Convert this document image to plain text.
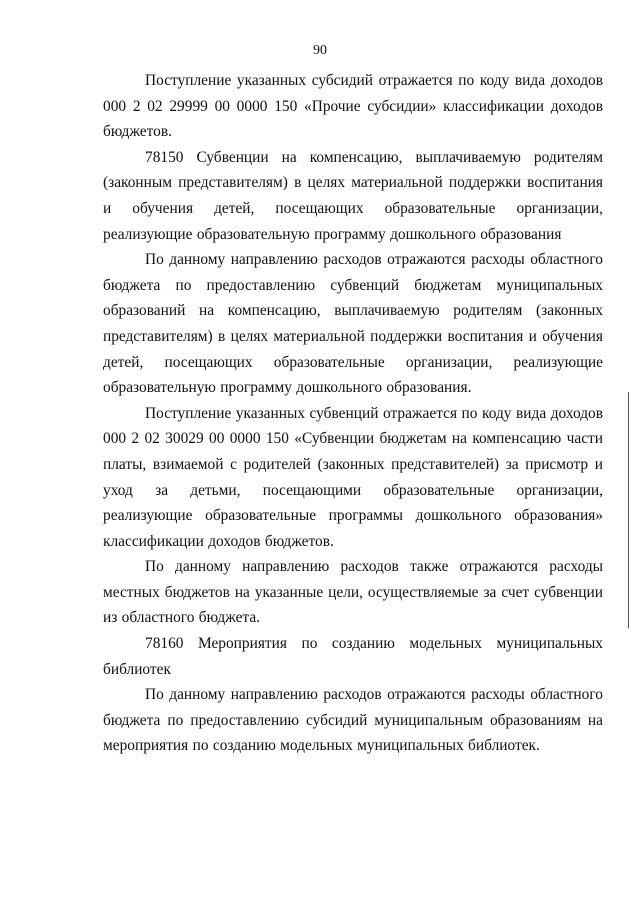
90

Поступление указанных субсидий отражается по коду вида доходов 000 2 02 29999 00 0000 150 «Прочие субсидии» классификации доходов бюджетов.

78150 Субвенции на компенсацию, выплачиваемую родителям (законным представителям) в целях материальной поддержки воспитания и обучения детей, посещающих образовательные организации, реализующие образовательную программу дошкольного образования

По данному направлению расходов отражаются расходы областного бюджета по предоставлению субвенций бюджетам муниципальных образований на компенсацию, выплачиваемую родителям (законных представителям) в целях материальной поддержки воспитания и обучения детей, посещающих образовательные организации, реализующие образовательную программу дошкольного образования.

Поступление указанных субвенций отражается по коду вида доходов 000 2 02 30029 00 0000 150 «Субвенции бюджетам на компенсацию части платы, взимаемой с родителей (законных представителей) за присмотр и уход за детьми, посещающими образовательные организации, реализующие образовательные программы дошкольного образования» классификации доходов бюджетов.

По данному направлению расходов также отражаются расходы местных бюджетов на указанные цели, осуществляемые за счет субвенции из областного бюджета.

78160 Мероприятия по созданию модельных муниципальных библиотек

По данному направлению расходов отражаются расходы областного бюджета по предоставлению субсидий муниципальным образованиям на мероприятия по созданию модельных муниципальных библиотек.
